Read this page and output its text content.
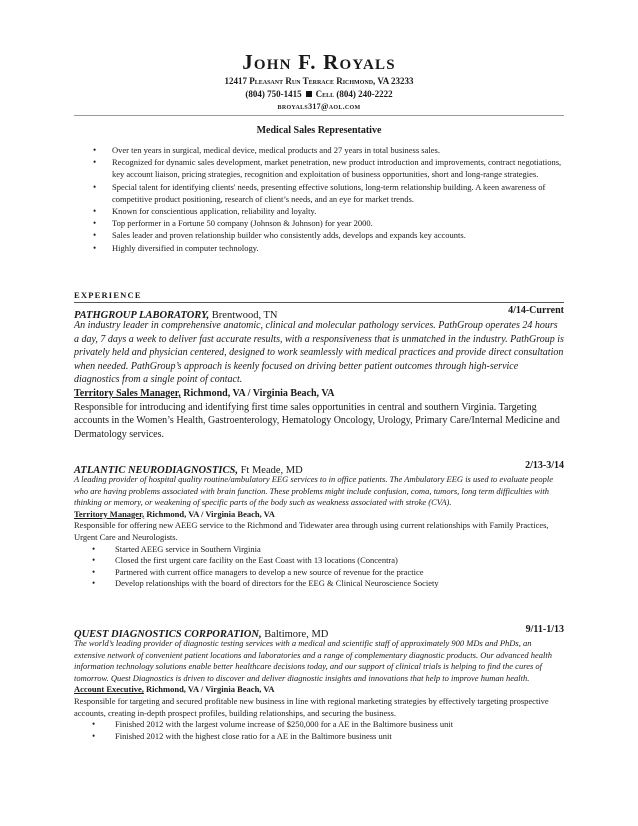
John F. Royals
12417 Pleasant Run Terrace Richmond, VA 23233
(804) 750-1415 Cell (804) 240-2222
broyals317@aol.com
Medical Sales Representative
• Over ten years in surgical, medical device, medical products and 27 years in total business sales.
• Recognized for dynamic sales development, market penetration, new product introduction and improvements, contract negotiations, key account liaison, pricing strategies, recognition and exploitation of business opportunities, short and long-range strategies.
• Special talent for identifying clients' needs, presenting effective solutions, long-term relationship building. A keen awareness of competitive product positioning, research of client’s needs, and an eye for market trends.
• Known for conscientious application, reliability and loyalty.
• Top performer in a Fortune 50 company (Johnson & Johnson) for year 2000.
• Sales leader and proven relationship builder who consistently adds, develops and expands key accounts.
• Highly diversified in computer technology.
EXPERIENCE
PATHGROUP LABORATORY, Brentwood, TN	4/14-Current
An industry leader in comprehensive anatomic, clinical and molecular pathology services. PathGroup operates 24 hours a day, 7 days a week to deliver fast accurate results, with a responsiveness that is unmatched in the industry. PathGroup is privately held and physician centered, designed to work seamlessly with medical practices and provide direct consultation when needed. PathGroup’s approach is keenly focused on driving better patient outcomes through high-service diagnostics from a single point of contact.
Territory Sales Manager, Richmond, VA / Virginia Beach, VA
Responsible for introducing and identifying first time sales opportunities in central and southern Virginia. Targeting accounts in the Women’s Health, Gastroenterology, Hematology Oncology, Urology, Primary Care/Internal Medicine and Dermatology services.
ATLANTIC NEURODIAGNOSTICS, Ft Meade, MD	2/13-3/14
A leading provider of hospital quality routine/ambulatory EEG services to in office patients. The Ambulatory EEG is used to evaluate people who are having problems associated with brain function. These problems might include confusion, coma, tumors, long term difficulties with thinking or memory, or weakening of specific parts of the body such as weakness associated with stroke (CVA).
Territory Manager, Richmond, VA / Virginia Beach, VA
Responsible for offering new AEEG service to the Richmond and Tidewater area through using current relationships with Family Practices, Urgent Care and Neurologists.
• Started AEEG service in Southern Virginia
• Closed the first urgent care facility on the East Coast with 13 locations (Concentra)
• Partnered with current office managers to develop a new source of revenue for the practice
• Develop relationships with the board of directors for the EEG & Clinical Neuroscience Society
QUEST DIAGNOSTICS CORPORATION, Baltimore, MD	9/11-1/13
The world’s leading provider of diagnostic testing services with a medical and scientific staff of approximately 900 MDs and PhDs, an extensive network of convenient patient locations and laboratories and a range of complementary diagnostic products. Our advanced health information technology solutions enable better healthcare decisions today, and our support of clinical trials is helping to find the cures of tomorrow. Quest Diagnostics is driven to discover and deliver diagnostic insights and innovations that help to improve human health.
Account Executive, Richmond, VA / Virginia Beach, VA
Responsible for targeting and secured profitable new business in line with regional marketing strategies by effectively targeting prospective accounts, creating in-depth prospect profiles, building relationships, and securing the business.
• Finished 2012 with the largest volume increase of $250,000 for a AE in the Baltimore business unit
• Finished 2012 with the highest close ratio for a AE in the Baltimore business unit
